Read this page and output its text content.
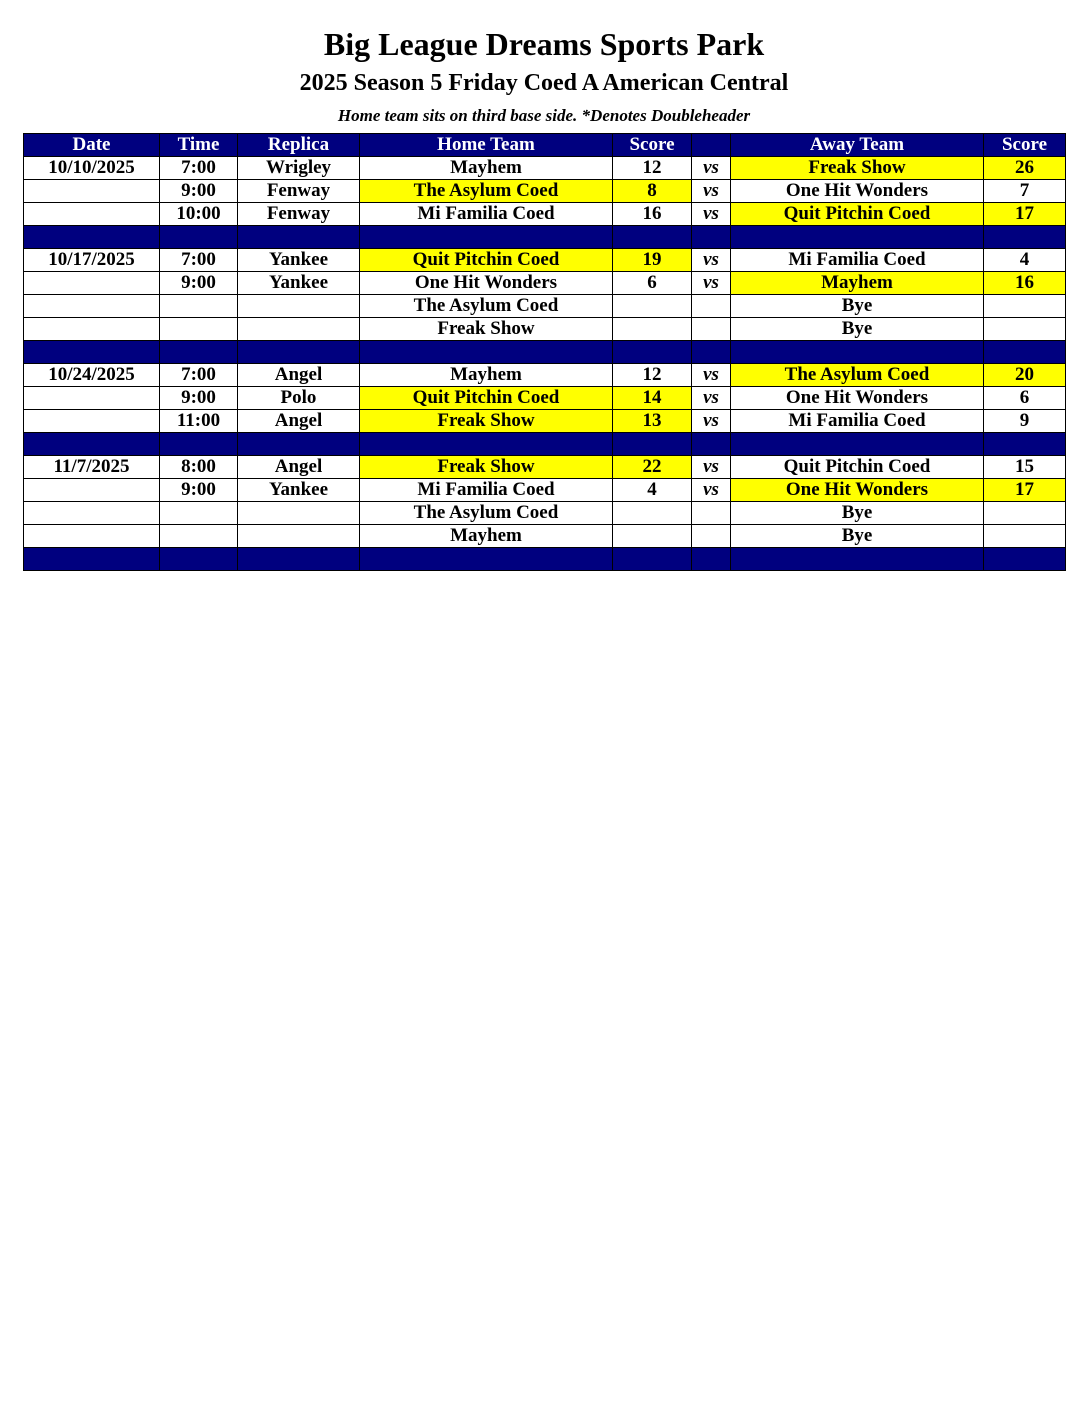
Big League Dreams Sports Park
2025 Season 5 Friday Coed A American Central
Home team sits on third base side. *Denotes Doubleheader
Date	Time	Replica	Home Team	Score		Away Team	Score
10/10/2025	7:00	Wrigley	Mayhem	12	vs	Freak Show	26
	9:00	Fenway	The Asylum Coed	8	vs	One Hit Wonders	7
	10:00	Fenway	Mi Familia Coed	16	vs	Quit Pitchin Coed	17

10/17/2025	7:00	Yankee	Quit Pitchin Coed	19	vs	Mi Familia Coed	4
	9:00	Yankee	One Hit Wonders	6	vs	Mayhem	16
			The Asylum Coed			Bye	
			Freak Show			Bye	

10/24/2025	7:00	Angel	Mayhem	12	vs	The Asylum Coed	20
	9:00	Polo	Quit Pitchin Coed	14	vs	One Hit Wonders	6
	11:00	Angel	Freak Show	13	vs	Mi Familia Coed	9

11/7/2025	8:00	Angel	Freak Show	22	vs	Quit Pitchin Coed	15
	9:00	Yankee	Mi Familia Coed	4	vs	One Hit Wonders	17
			The Asylum Coed			Bye	
			Mayhem			Bye	
